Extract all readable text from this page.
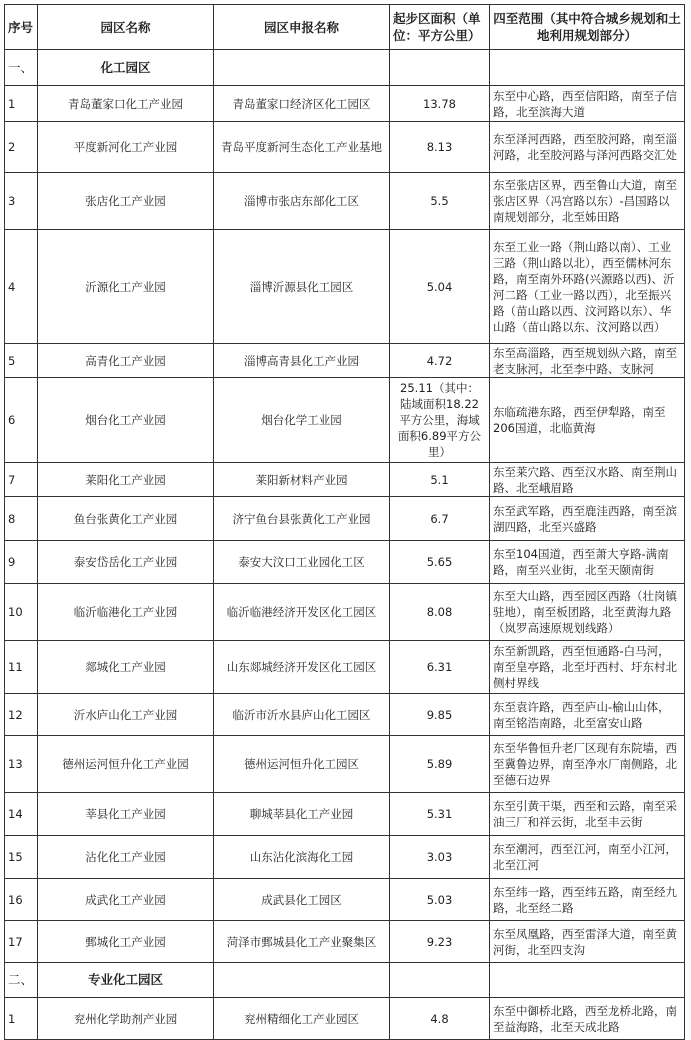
序号	园区名称	园区申报名称	起步区面积（单位：平方公里）	四至范围（其中符合城乡规划和土地利用规划部分）
一、	化工园区			
1	青岛董家口化工产业园	青岛董家口经济区化工园区	13.78	东至中心路，西至信阳路，南至子信路，北至滨海大道
2	平度新河化工产业园	青岛平度新河生态化工产业基地	8.13	东至泽河西路，西至胶河路，南至淄河路，北至胶河路与泽河西路交汇处
3	张店化工产业园	淄博市张店东部化工区	5.5	东至张店区界，西至鲁山大道，南至张店区界（冯宫路以东）-昌国路以南规划部分，北至姊田路
4	沂源化工产业园	淄博沂源县化工园区	5.04	东至工业一路（荆山路以南）、工业三路（荆山路以北），西至儒林河东路，南至南外环路(兴源路以西)、沂河二路（工业一路以西），北至振兴路（苗山路以西、汶河路以东）、华山路（苗山路以东、汶河路以西）
5	高青化工产业园	淄博高青县化工产业园	4.72	东至高淄路，西至规划纵六路，南至老支脉河，北至李中路、支脉河
6	烟台化工产业园	烟台化学工业园	25.11（其中：陆域面积18.22平方公里，海域面积6.89平方公里）	东临疏港东路，西至伊犁路，南至206国道，北临黄海
7	莱阳化工产业园	莱阳新材料产业园	5.1	东至莱穴路、西至汉水路、南至荆山路、北至峨眉路
8	鱼台张黄化工产业园	济宁鱼台县张黄化工产业园	6.7	东至武军路，西至鹿洼西路，南至滨湖四路，北至兴盛路
9	泰安岱岳化工产业园	泰安大汶口工业园化工区	5.65	东至104国道，西至萧大亨路-满南路，南至兴业街，北至天颐南街
10	临沂临港化工产业园	临沂临港经济开发区化工园区	8.08	东至大山路，西至园区西路（壮岗镇驻地），南至板团路，北至黄海九路（岚罗高速原规划线路）
11	郯城化工产业园	山东郯城经济开发区化工园区	6.31	东至新凯路，西至恒通路-白马河，南至皇亭路，北至圩西村、圩东村北侧村界线
12	沂水庐山化工产业园	临沂市沂水县庐山化工园区	9.85	东至袁许路，西至庐山-榆山山体，南至铭浩南路，北至富安山路
13	德州运河恒升化工产业园	德州运河恒升化工园区	5.89	东至华鲁恒升老厂区现有东院墙，西至冀鲁边界，南至净水厂南侧路，北至德石边界
14	莘县化工产业园	聊城莘县化工产业园	5.31	东至引黄干渠，西至和云路，南至采油三厂和祥云街，北至丰云街
15	沾化化工产业园	山东沾化滨海化工园	3.03	东至潮河，西至江河，南至小江河，北至江河
16	成武化工产业园	成武县化工园区	5.03	东至纬一路，西至纬五路，南至经九路，北至经二路
17	鄄城化工产业园	菏泽市鄄城县化工产业聚集区	9.23	东至凤凰路，西至雷泽大道，南至黄河街，北至四支沟
二、	专业化工园区			
1	兖州化学助剂产业园	兖州精细化工产业园区	4.8	东至中御桥北路，西至龙桥北路，南至益海路，北至天成北路
